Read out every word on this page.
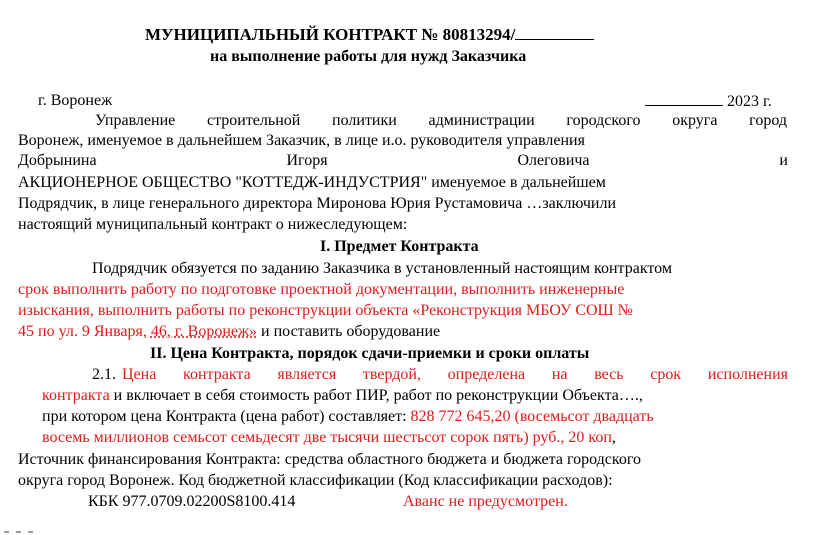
МУНИЦИПАЛЬНЫЙ КОНТРАКТ № 80813294/
на выполнение работы для нужд Заказчика
г. Воронеж	2023 г.
Управление строительной политики администрации городского округа город
Воронеж, именуемое в дальнейшем Заказчик, в лице и.о. руководителя управления
Добрынина	Игоря	Олеговича	и
АКЦИОНЕРНОЕ ОБЩЕСТВО "КОТТЕДЖ-ИНДУСТРИЯ" именуемое в дальнейшем
Подрядчик, в лице генерального директора Миронова Юрия Рустамовича …заключили
настоящий муниципальный контракт о нижеследующем:
I. Предмет Контракта
Подрядчик обязуется по заданию Заказчика в установленный настоящим контрактом
срок выполнить работу по подготовке проектной документации, выполнить инженерные
изыскания, выполнить работы по реконструкции объекта «Реконструкция МБОУ СОШ №
45 по ул. 9 Января, 46, г. Воронеж» и поставить оборудование
II. Цена Контракта, порядок сдачи-приемки и сроки оплаты
2.1. Цена контракта является твердой, определена на весь срок исполнения
контракта и включает в себя стоимость работ ПИР, работ по реконструкции Объекта….,
при котором цена Контракта (цена работ) составляет: 828 772 645,20 (восемьсот двадцать
восемь миллионов семьсот семьдесят две тысячи шестьсот сорок пять) руб., 20 коп,
Источник финансирования Контракта: средства областного бюджета и бюджета городского
округа город Воронеж. Код бюджетной классификации (Код классификации расходов):
КБК 977.0709.02200S8100.414	Аванс не предусмотрен.
